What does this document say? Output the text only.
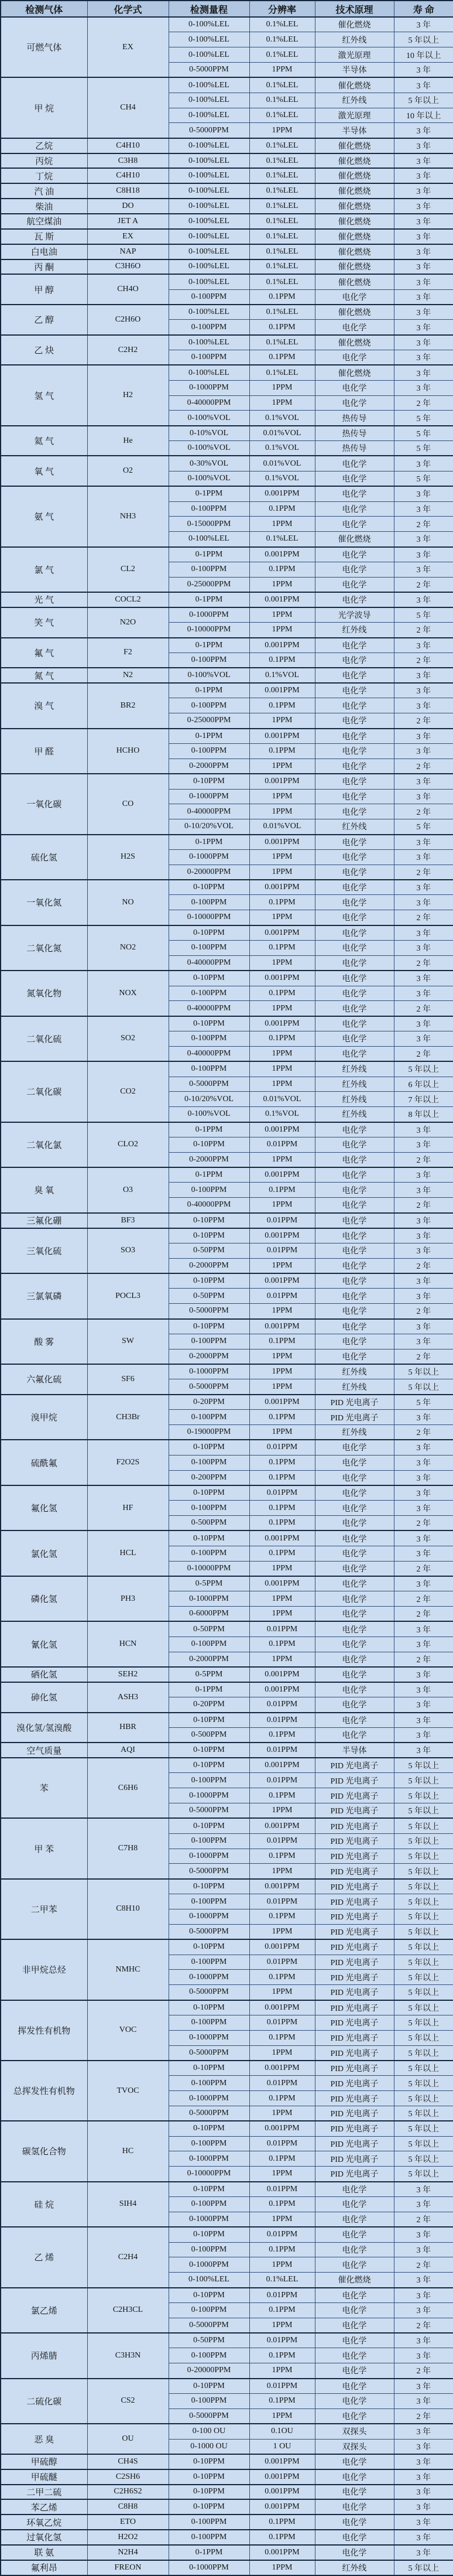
检测气体	化学式	检测量程	分辨率	技术原理	寿 命
可燃气体	EX	0-100%LEL	0.1%LEL	催化燃烧	3 年
		0-100%LEL	0.1%LEL	红外线	5 年以上
		0-100%LEL	0.1%LEL	激光原理	10 年以上
		0-5000PPM	1PPM	半导体	3 年
甲 烷	CH4	0-100%LEL	0.1%LEL	催化燃烧	3 年
		0-100%LEL	0.1%LEL	红外线	5 年以上
		0-100%LEL	0.1%LEL	激光原理	10 年以上
		0-5000PPM	1PPM	半导体	3 年
乙烷	C4H10	0-100%LEL	0.1%LEL	催化燃烧	3 年
丙烷	C3H8	0-100%LEL	0.1%LEL	催化燃烧	3 年
丁烷	C4H10	0-100%LEL	0.1%LEL	催化燃烧	3 年
汽 油	C8H18	0-100%LEL	0.1%LEL	催化燃烧	3 年
柴油	DO	0-100%LEL	0.1%LEL	催化燃烧	3 年
航空煤油	JET A	0-100%LEL	0.1%LEL	催化燃烧	3 年
瓦 斯	EX	0-100%LEL	0.1%LEL	催化燃烧	3 年
白电油	NAP	0-100%LEL	0.1%LEL	催化燃烧	3 年
丙 酮	C3H6O	0-100%LEL	0.1%LEL	催化燃烧	3 年
甲 醇	CH4O	0-100%LEL	0.1%LEL	催化燃烧	3 年
		0-100PPM	0.1PPM	电化学	3 年
乙 醇	C2H6O	0-100%LEL	0.1%LEL	催化燃烧	3 年
		0-100PPM	0.1PPM	电化学	3 年
乙 炔	C2H2	0-100%LEL	0.1%LEL	催化燃烧	3 年
		0-100PPM	0.1PPM	电化学	3 年
氢 气	H2	0-100%LEL	0.1%LEL	催化燃烧	3 年
		0-1000PPM	1PPM	电化学	3 年
		0-40000PPM	1PPM	电化学	2 年
		0-100%VOL	0.1%VOL	热传导	5 年
氦 气	He	0-10%VOL	0.01%VOL	热传导	5 年
		0-100%VOL	0.1%VOL	热传导	5 年
氧 气	O2	0-30%VOL	0.01%VOL	电化学	3 年
		0-100%VOL	0.1%VOL	电化学	5 年
氨 气	NH3	0-1PPM	0.001PPM	电化学	3 年
		0-100PPM	0.1PPM	电化学	3 年
		0-15000PPM	1PPM	电化学	2 年
		0-100%LEL	0.1%LEL	催化燃烧	3 年
氯 气	CL2	0-1PPM	0.001PPM	电化学	3 年
		0-100PPM	0.1PPM	电化学	3 年
		0-25000PPM	1PPM	电化学	2 年
光 气	COCL2	0-1PPM	0.001PPM	电化学	3 年
笑 气	N2O	0-1000PPM	1PPM	光学波导	5 年
		0-10000PPM	1PPM	红外线	2 年
氟 气	F2	0-1PPM	0.001PPM	电化学	3 年
		0-100PPM	0.1PPM	电化学	2 年
氮 气	N2	0-100%VOL	0.1%VOL	电化学	3 年
溴 气	BR2	0-1PPM	0.001PPM	电化学	3 年
		0-100PPM	0.1PPM	电化学	3 年
		0-25000PPM	1PPM	电化学	2 年
甲 醛	HCHO	0-1PPM	0.001PPM	电化学	3 年
		0-100PPM	0.1PPM	电化学	3 年
		0-2000PPM	1PPM	电化学	2 年
一氧化碳	CO	0-10PPM	0.001PPM	电化学	3 年
		0-1000PPM	1PPM	电化学	3 年
		0-40000PPM	1PPM	电化学	2 年
		0-10/20%VOL	0.01%VOL	红外线	5 年
硫化氢	H2S	0-1PPM	0.001PPM	电化学	3 年
		0-1000PPM	1PPM	电化学	3 年
		0-20000PPM	1PPM	电化学	2 年
一氧化氮	NO	0-10PPM	0.001PPM	电化学	3 年
		0-100PPM	0.1PPM	电化学	3 年
		0-10000PPM	1PPM	电化学	2 年
二氧化氮	NO2	0-10PPM	0.001PPM	电化学	3 年
		0-100PPM	0.1PPM	电化学	3 年
		0-40000PPM	1PPM	电化学	2 年
氮氧化物	NOX	0-10PPM	0.001PPM	电化学	3 年
		0-100PPM	0.1PPM	电化学	3 年
		0-40000PPM	1PPM	电化学	2 年
二氧化硫	SO2	0-10PPM	0.001PPM	电化学	3 年
		0-100PPM	0.1PPM	电化学	3 年
		0-40000PPM	1PPM	电化学	2 年
二氧化碳	CO2	0-100PPM	1PPM	红外线	5 年以上
		0-5000PPM	1PPM	红外线	6 年以上
		0-10/20%VOL	0.01%VOL	红外线	7 年以上
		0-100%VOL	0.1%VOL	红外线	8 年以上
二氧化氯	CLO2	0-1PPM	0.001PPM	电化学	3 年
		0-10PPM	0.01PPM	电化学	3 年
		0-2000PPM	1PPM	电化学	2 年
臭 氧	O3	0-1PPM	0.001PPM	电化学	3 年
		0-100PPM	0.1PPM	电化学	3 年
		0-40000PPM	1PPM	电化学	2 年
三氟化硼	BF3	0-10PPM	0.01PPM	电化学	3 年
三氧化硫	SO3	0-10PPM	0.001PPM	电化学	3 年
		0-50PPM	0.01PPM	电化学	3 年
		0-2000PPM	1PPM	电化学	2 年
三氯氧磷	POCL3	0-10PPM	0.001PPM	电化学	3 年
		0-50PPM	0.01PPM	电化学	3 年
		0-5000PPM	1PPM	电化学	2 年
酸 雾	SW	0-10PPM	0.001PPM	电化学	3 年
		0-100PPM	0.1PPM	电化学	3 年
		0-2000PPM	1PPM	电化学	2 年
六氟化硫	SF6	0-1000PPM	1PPM	红外线	5 年以上
		0-5000PPM	1PPM	红外线	5 年以上
溴甲烷	CH3Br	0-20PPM	0.001PPM	PID 光电离子	5 年
		0-100PPM	0.1PPM	PID 光电离子	3 年
		0-19000PPM	1PPM	红外线	2 年
硫酰氟	F2O2S	0-10PPM	0.01PPM	电化学	3 年
		0-100PPM	0.1PPM	电化学	3 年
		0-200PPM	0.1PPM	电化学	3 年
氟化氢	HF	0-10PPM	0.01PPM	电化学	3 年
		0-100PPM	0.1PPM	电化学	3 年
		0-500PPM	0.1PPM	电化学	2 年
氯化氢	HCL	0-10PPM	0.001PPM	电化学	3 年
		0-100PPM	0.1PPM	电化学	3 年
		0-10000PPM	1PPM	电化学	2 年
磷化氢	PH3	0-5PPM	0.001PPM	电化学	3 年
		0-1000PPM	1PPM	电化学	2 年
		0-6000PPM	1PPM	电化学	2 年
氰化氢	HCN	0-50PPM	0.01PPM	电化学	3 年
		0-100PPM	0.1PPM	电化学	3 年
		0-2000PPM	1PPM	电化学	2 年
硒化氢	SEH2	0-5PPM	0.001PPM	电化学	3 年
砷化氢	ASH3	0-1PPM	0.001PPM	电化学	3 年
		0-20PPM	0.01PPM	电化学	3 年
溴化氢/氢溴酸	HBR	0-10PPM	0.01PPM	电化学	3 年
		0-500PPM	0.1PPM	电化学	3 年
空气质量	AQI	0-10PPM	0.01PPM	半导体	3 年
苯	C6H6	0-10PPM	0.001PPM	PID 光电离子	5 年以上
		0-100PPM	0.01PPM	PID 光电离子	5 年以上
		0-1000PPM	0.1PPM	PID 光电离子	5 年以上
		0-5000PPM	1PPM	PID 光电离子	5 年以上
甲 苯	C7H8	0-10PPM	0.001PPM	PID 光电离子	5 年以上
		0-100PPM	0.01PPM	PID 光电离子	5 年以上
		0-1000PPM	0.1PPM	PID 光电离子	5 年以上
		0-5000PPM	1PPM	PID 光电离子	5 年以上
二甲苯	C8H10	0-10PPM	0.001PPM	PID 光电离子	5 年以上
		0-100PPM	0.01PPM	PID 光电离子	5 年以上
		0-1000PPM	0.1PPM	PID 光电离子	5 年以上
		0-5000PPM	1PPM	PID 光电离子	5 年以上
非甲烷总烃	NMHC	0-10PPM	0.001PPM	PID 光电离子	5 年以上
		0-100PPM	0.01PPM	PID 光电离子	5 年以上
		0-1000PPM	0.1PPM	PID 光电离子	5 年以上
		0-5000PPM	1PPM	PID 光电离子	5 年以上
挥发性有机物	VOC	0-10PPM	0.001PPM	PID 光电离子	5 年以上
		0-100PPM	0.01PPM	PID 光电离子	5 年以上
		0-1000PPM	0.1PPM	PID 光电离子	5 年以上
		0-5000PPM	1PPM	PID 光电离子	5 年以上
总挥发性有机物	TVOC	0-10PPM	0.001PPM	PID 光电离子	5 年以上
		0-100PPM	0.01PPM	PID 光电离子	5 年以上
		0-1000PPM	0.1PPM	PID 光电离子	5 年以上
		0-5000PPM	1PPM	PID 光电离子	5 年以上
碳氢化合物	HC	0-10PPM	0.001PPM	PID 光电离子	5 年以上
		0-100PPM	0.01PPM	PID 光电离子	5 年以上
		0-1000PPM	0.1PPM	PID 光电离子	5 年以上
		0-10000PPM	1PPM	PID 光电离子	5 年以上
硅 烷	SIH4	0-10PPM	0.01PPM	电化学	3 年
		0-100PPM	0.1PPM	电化学	3 年
		0-1000PPM	1PPM	电化学	2 年
乙 烯	C2H4	0-10PPM	0.01PPM	电化学	3 年
		0-100PPM	0.1PPM	电化学	3 年
		0-1000PPM	1PPM	电化学	2 年
		0-100%LEL	0.1%LEL	催化燃烧	3 年
氯乙烯	C2H3CL	0-10PPM	0.01PPM	电化学	3 年
		0-100PPM	0.1PPM	电化学	3 年
		0-5000PPM	1PPM	电化学	2 年
丙烯腈	C3H3N	0-50PPM	0.01PPM	电化学	3 年
		0-100PPM	0.1PPM	电化学	3 年
		0-20000PPM	1PPM	电化学	2 年
二硫化碳	CS2	0-10PPM	0.01PPM	电化学	3 年
		0-100PPM	0.1PPM	电化学	3 年
		0-5000PPM	1PPM	电化学	2 年
恶 臭	OU	0-100 OU	0.1OU	双探头	3 年
		0-1000 OU	1 OU	双探头	3 年
甲硫醇	CH4S	0-10PPM	0.001PPM	电化学	3 年
甲硫醚	C2SH6	0-10PPM	0.001PPM	电化学	3 年
二甲二硫	C2H6S2	0-10PPM	0.001PPM	电化学	3 年
苯乙烯	C8H8	0-10PPM	0.001PPM	电化学	3 年
环氧乙烷	ETO	0-100PPM	0.1PPM	电化学	3 年
过氧化氢	H2O2	0-100PPM	0.1PPM	电化学	3 年
联 氨	N2H4	0-1PPM	0.001PPM	电化学	3 年
氟利昂	FREON	0-1000PPM	1PPM	红外线	5 年以上
